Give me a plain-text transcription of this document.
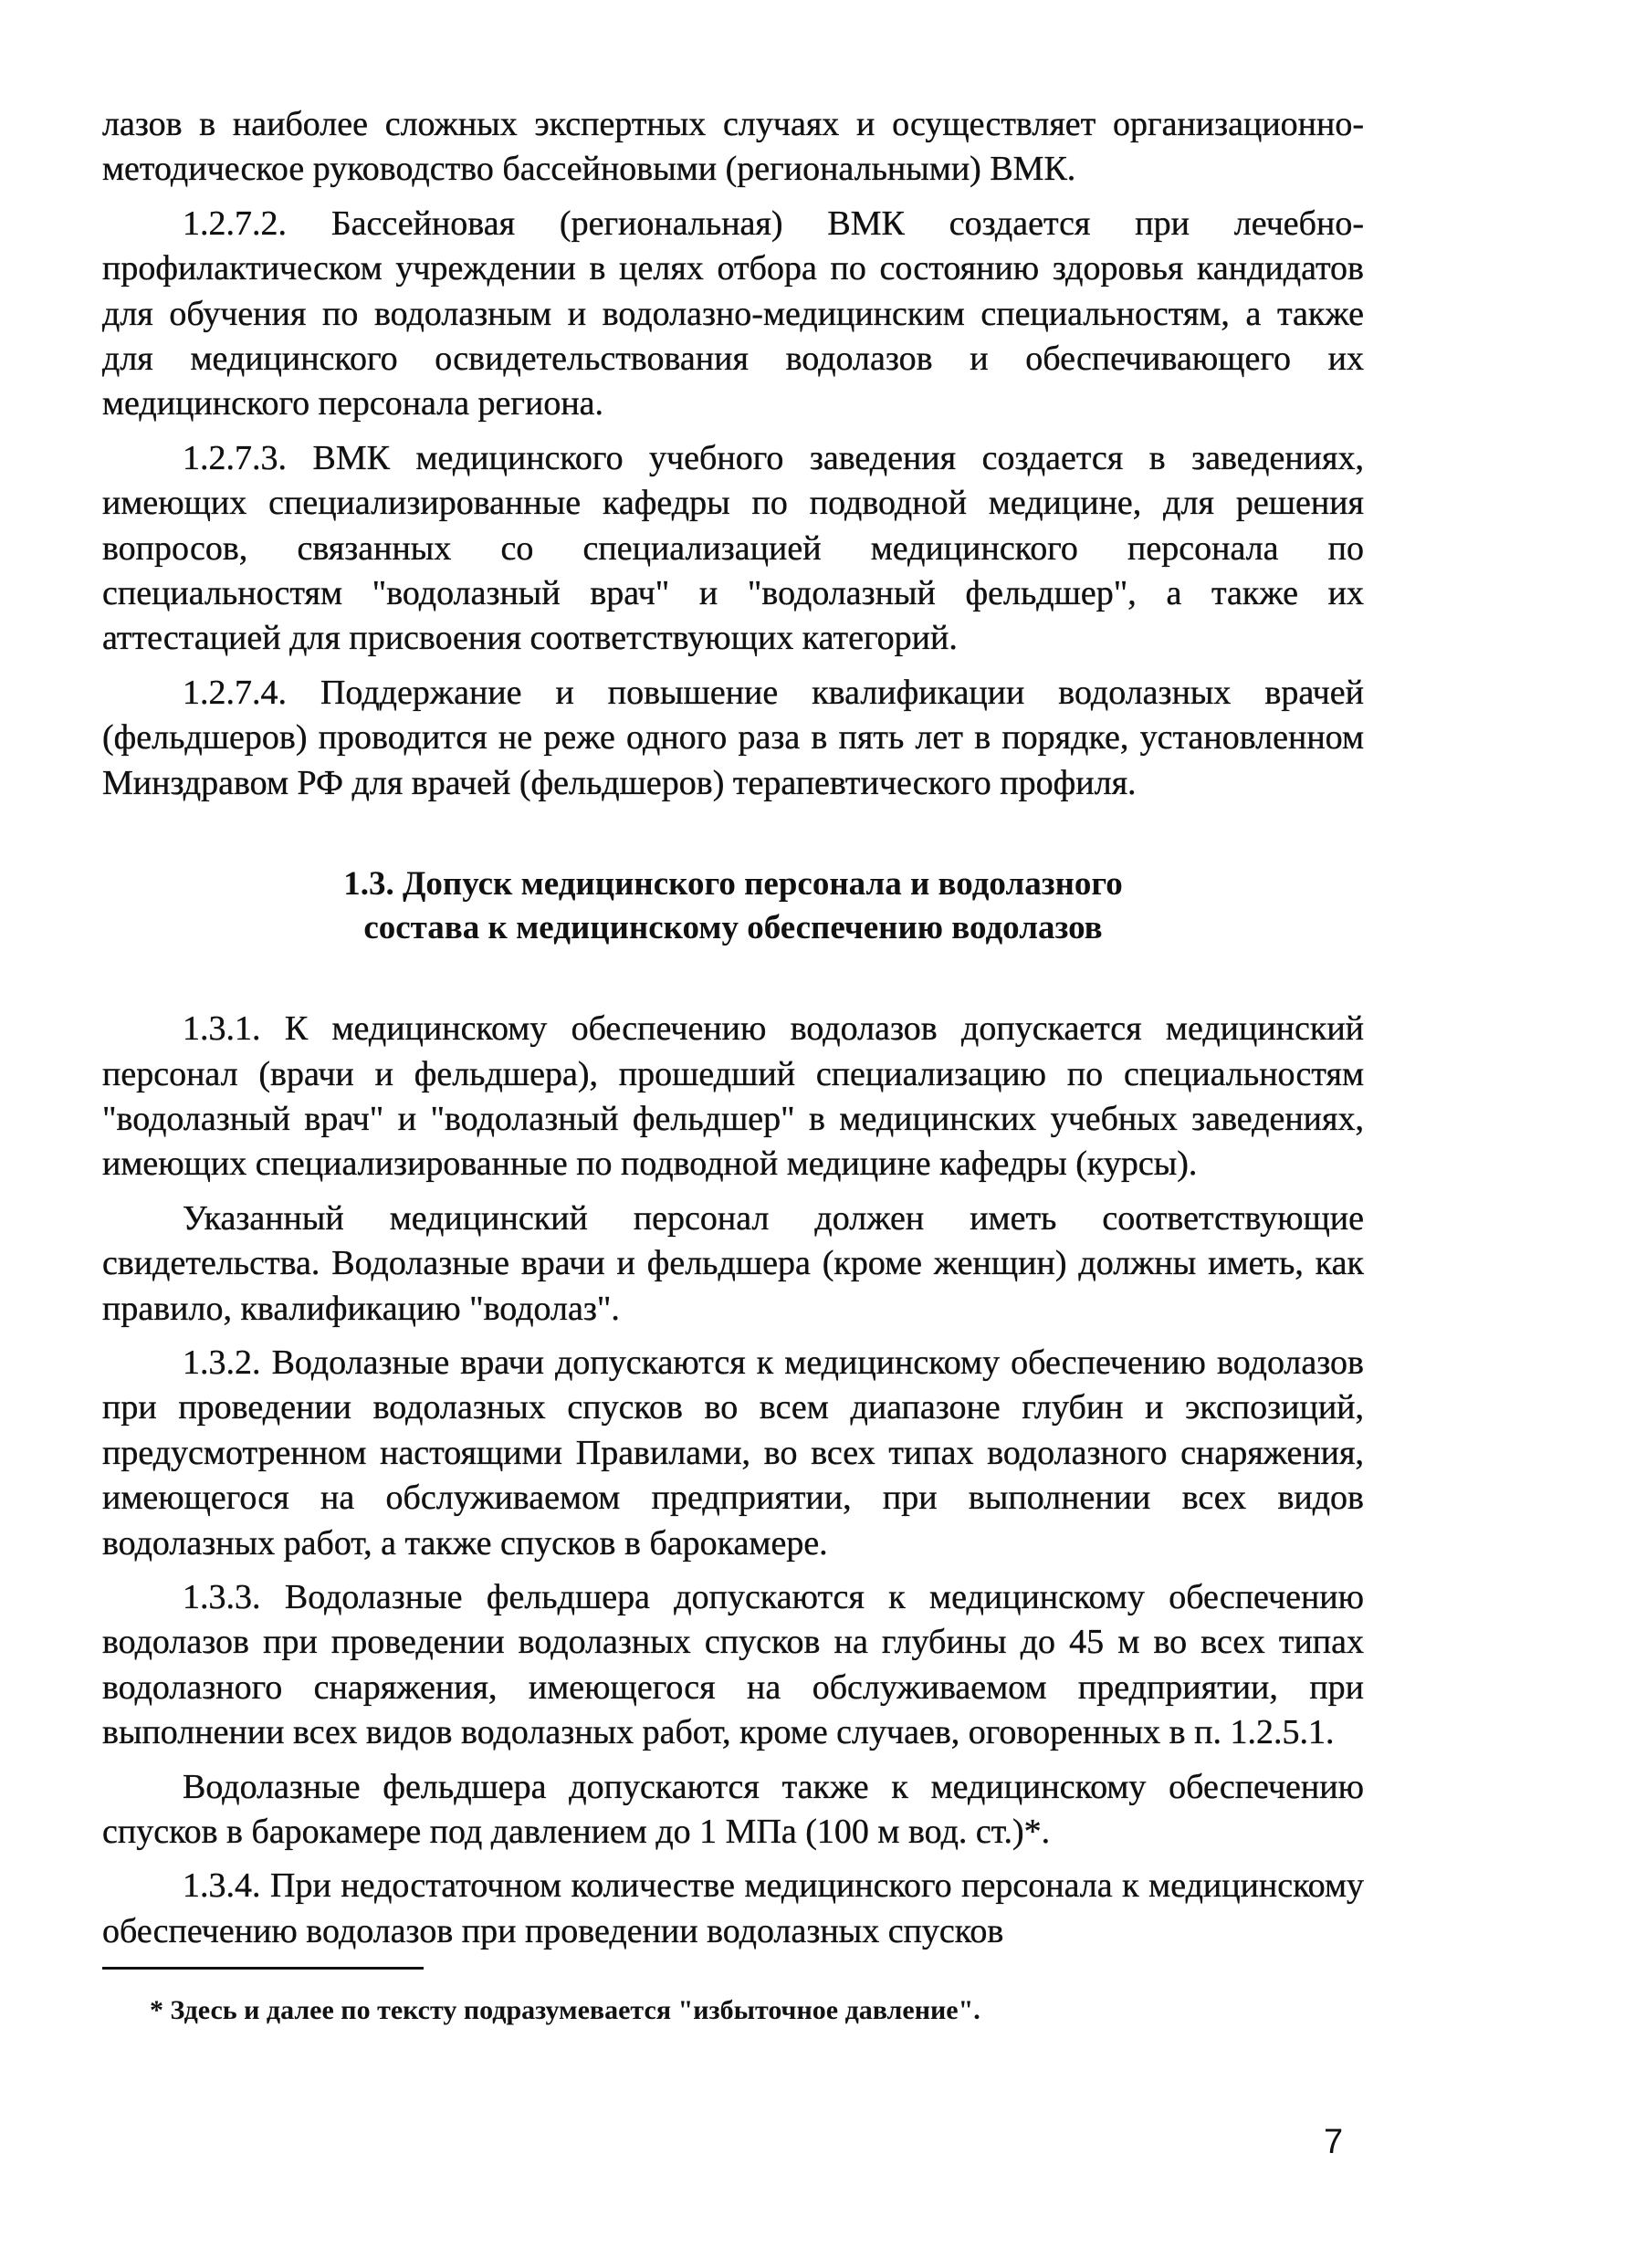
лазов в наиболее сложных экспертных случаях и осуществляет организационно-методическое руководство бассейновыми (региональными) ВМК.

1.2.7.2. Бассейновая (региональная) ВМК создается при лечебно-профилактическом учреждении в целях отбора по состоянию здоровья кандидатов для обучения по водолазным и водолазно-медицинским специальностям, а также для медицинского освидетельствования водолазов и обеспечивающего их медицинского персонала региона.

1.2.7.3. ВМК медицинского учебного заведения создается в заведениях, имеющих специализированные кафедры по подводной медицине, для решения вопросов, связанных со специализацией медицинского персонала по специальностям "водолазный врач" и "водолазный фельдшер", а также их аттестацией для присвоения соответствующих категорий.

1.2.7.4. Поддержание и повышение квалификации водолазных врачей (фельдшеров) проводится не реже одного раза в пять лет в порядке, установленном Минздравом РФ для врачей (фельдшеров) терапевтического профиля.

1.3. Допуск медицинского персонала и водолазного
состава к медицинскому обеспечению водолазов

1.3.1. К медицинскому обеспечению водолазов допускается медицинский персонал (врачи и фельдшера), прошедший специализацию по специальностям "водолазный врач" и "водолазный фельдшер" в медицинских учебных заведениях, имеющих специализированные по подводной медицине кафедры (курсы).

Указанный медицинский персонал должен иметь соответствующие свидетельства. Водолазные врачи и фельдшера (кроме женщин) должны иметь, как правило, квалификацию "водолаз".

1.3.2. Водолазные врачи допускаются к медицинскому обеспечению водолазов при проведении водолазных спусков во всем диапазоне глубин и экспозиций, предусмотренном настоящими Правилами, во всех типах водолазного снаряжения, имеющегося на обслуживаемом предприятии, при выполнении всех видов водолазных работ, а также спусков в барокамере.

1.3.3. Водолазные фельдшера допускаются к медицинскому обеспечению водолазов при проведении водолазных спусков на глубины до 45 м во всех типах водолазного снаряжения, имеющегося на обслуживаемом предприятии, при выполнении всех видов водолазных работ, кроме случаев, оговоренных в п. 1.2.5.1.

Водолазные фельдшера допускаются также к медицинскому обеспечению спусков в барокамере под давлением до 1 МПа (100 м вод. ст.)*.

1.3.4. При недостаточном количестве медицинского персонала к медицинскому обеспечению водолазов при проведении водолазных спусков

* Здесь и далее по тексту подразумевается "избыточное давление".

7
